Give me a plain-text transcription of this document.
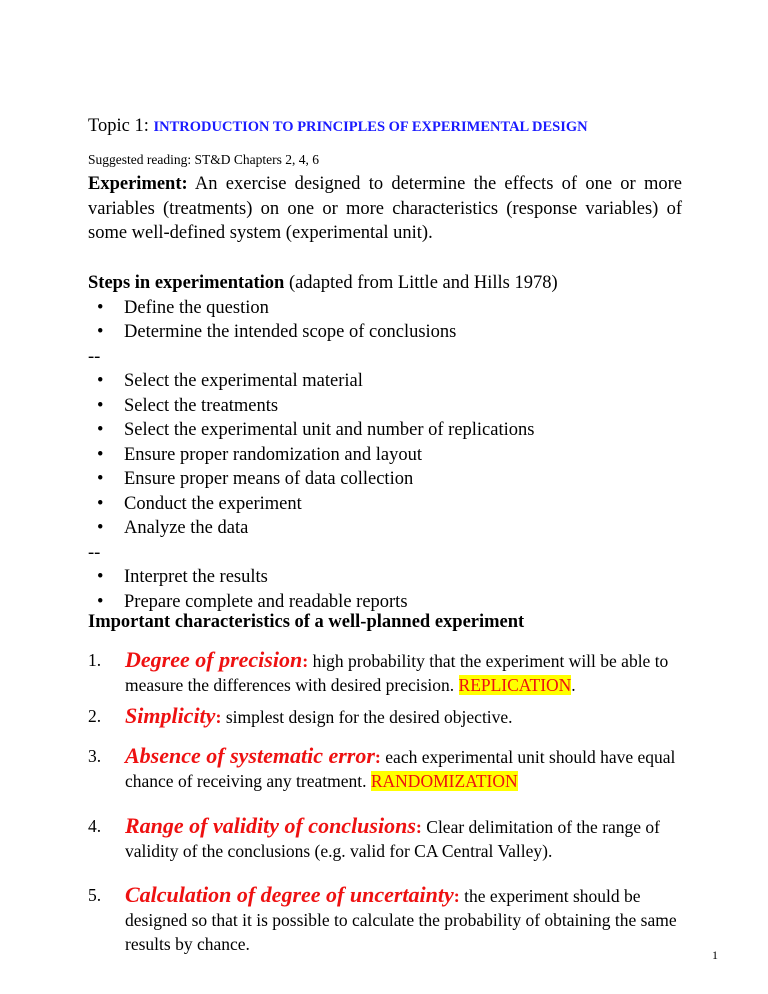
Topic 1: INTRODUCTION TO PRINCIPLES OF EXPERIMENTAL DESIGN
Suggested reading: ST&D Chapters 2, 4, 6
Experiment: An exercise designed to determine the effects of one or more variables (treatments) on one or more characteristics (response variables) of some well-defined system (experimental unit).
Steps in experimentation (adapted from Little and Hills 1978)
• Define the question
• Determine the intended scope of conclusions
--
• Select the experimental material
• Select the treatments
• Select the experimental unit and number of replications
• Ensure proper randomization and layout
• Ensure proper means of data collection
• Conduct the experiment
• Analyze the data
--
• Interpret the results
• Prepare complete and readable reports
Important characteristics of a well-planned experiment
1. Degree of precision: high probability that the experiment will be able to measure the differences with desired precision. REPLICATION.
2. Simplicity: simplest design for the desired objective.
3. Absence of systematic error: each experimental unit should have equal chance of receiving any treatment. RANDOMIZATION
4. Range of validity of conclusions: Clear delimitation of the range of validity of the conclusions (e.g. valid for CA Central Valley).
5. Calculation of degree of uncertainty: the experiment should be designed so that it is possible to calculate the probability of obtaining the same results by chance.
1
